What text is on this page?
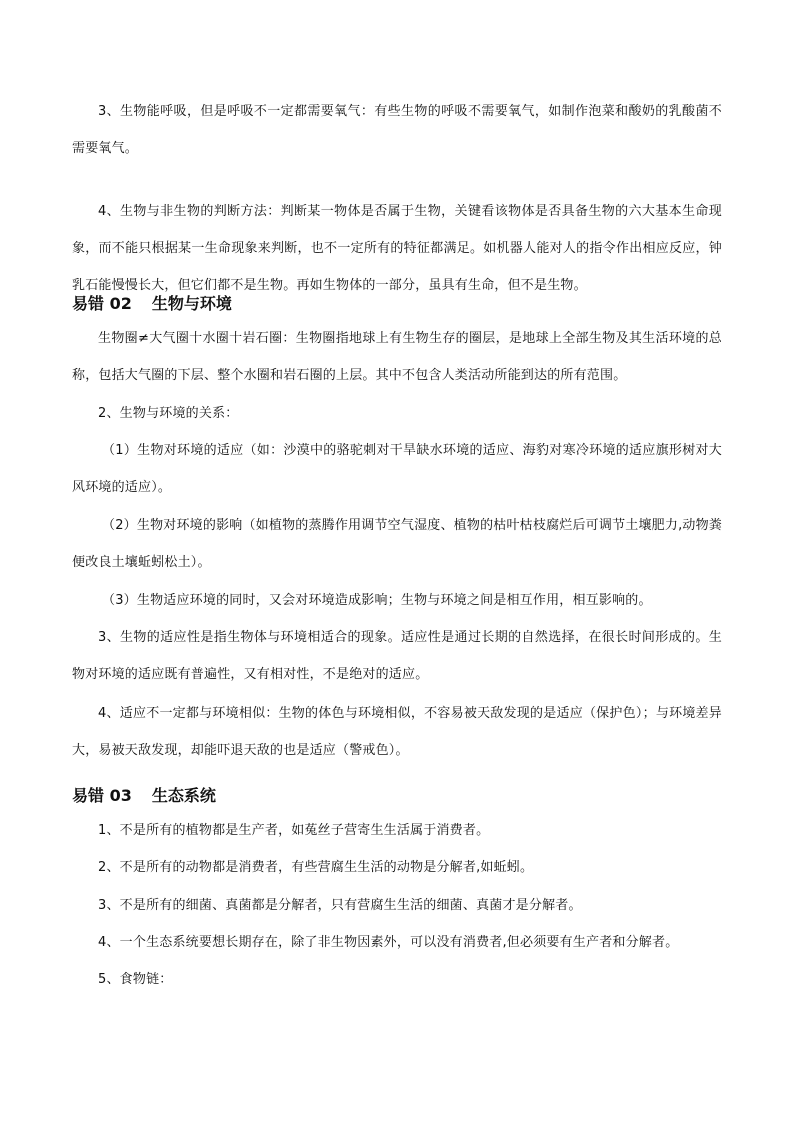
3、生物能呼吸，但是呼吸不一定都需要氧气：有些生物的呼吸不需要氧气，如制作泡菜和酸奶的乳酸菌不需要氧气。

4、生物与非生物的判断方法：判断某一物体是否属于生物，关键看该物体是否具备生物的六大基本生命现象，而不能只根据某一生命现象来判断，也不一定所有的特征都满足。如机器人能对人的指令作出相应反应，钟乳石能慢慢长大，但它们都不是生物。再如生物体的一部分，虽具有生命，但不是生物。

易错 02 生物与环境

生物圈≠大气圈十水圈十岩石圈：生物圈指地球上有生物生存的圈层，是地球上全部生物及其生活环境的总称，包括大气圈的下层、整个水圈和岩石圈的上层。其中不包含人类活动所能到达的所有范围。

2、生物与环境的关系：

（1）生物对环境的适应（如：沙漠中的骆驼刺对干旱缺水环境的适应、海豹对寒冷环境的适应旗形树对大风环境的适应）。

（2）生物对环境的影响（如植物的蒸腾作用调节空气湿度、植物的枯叶枯枝腐烂后可调节土壤肥力,动物粪便改良土壤蚯蚓松土）。

（3）生物适应环境的同时，又会对环境造成影响；生物与环境之间是相互作用，相互影响的。

3、生物的适应性是指生物体与环境相适合的现象。适应性是通过长期的自然选择，在很长时间形成的。生物对环境的适应既有普遍性，又有相对性，不是绝对的适应。

4、适应不一定都与环境相似：生物的体色与环境相似，不容易被天敌发现的是适应（保护色）；与环境差异大，易被天敌发现，却能吓退天敌的也是适应（警戒色）。

易错 03 生态系统

1、不是所有的植物都是生产者，如菟丝子营寄生生活属于消费者。

2、不是所有的动物都是消费者，有些营腐生生活的动物是分解者,如蚯蚓。

3、不是所有的细菌、真菌都是分解者，只有营腐生生活的细菌、真菌才是分解者。

4、一个生态系统要想长期存在，除了非生物因素外，可以没有消费者,但必须要有生产者和分解者。

5、食物链：
